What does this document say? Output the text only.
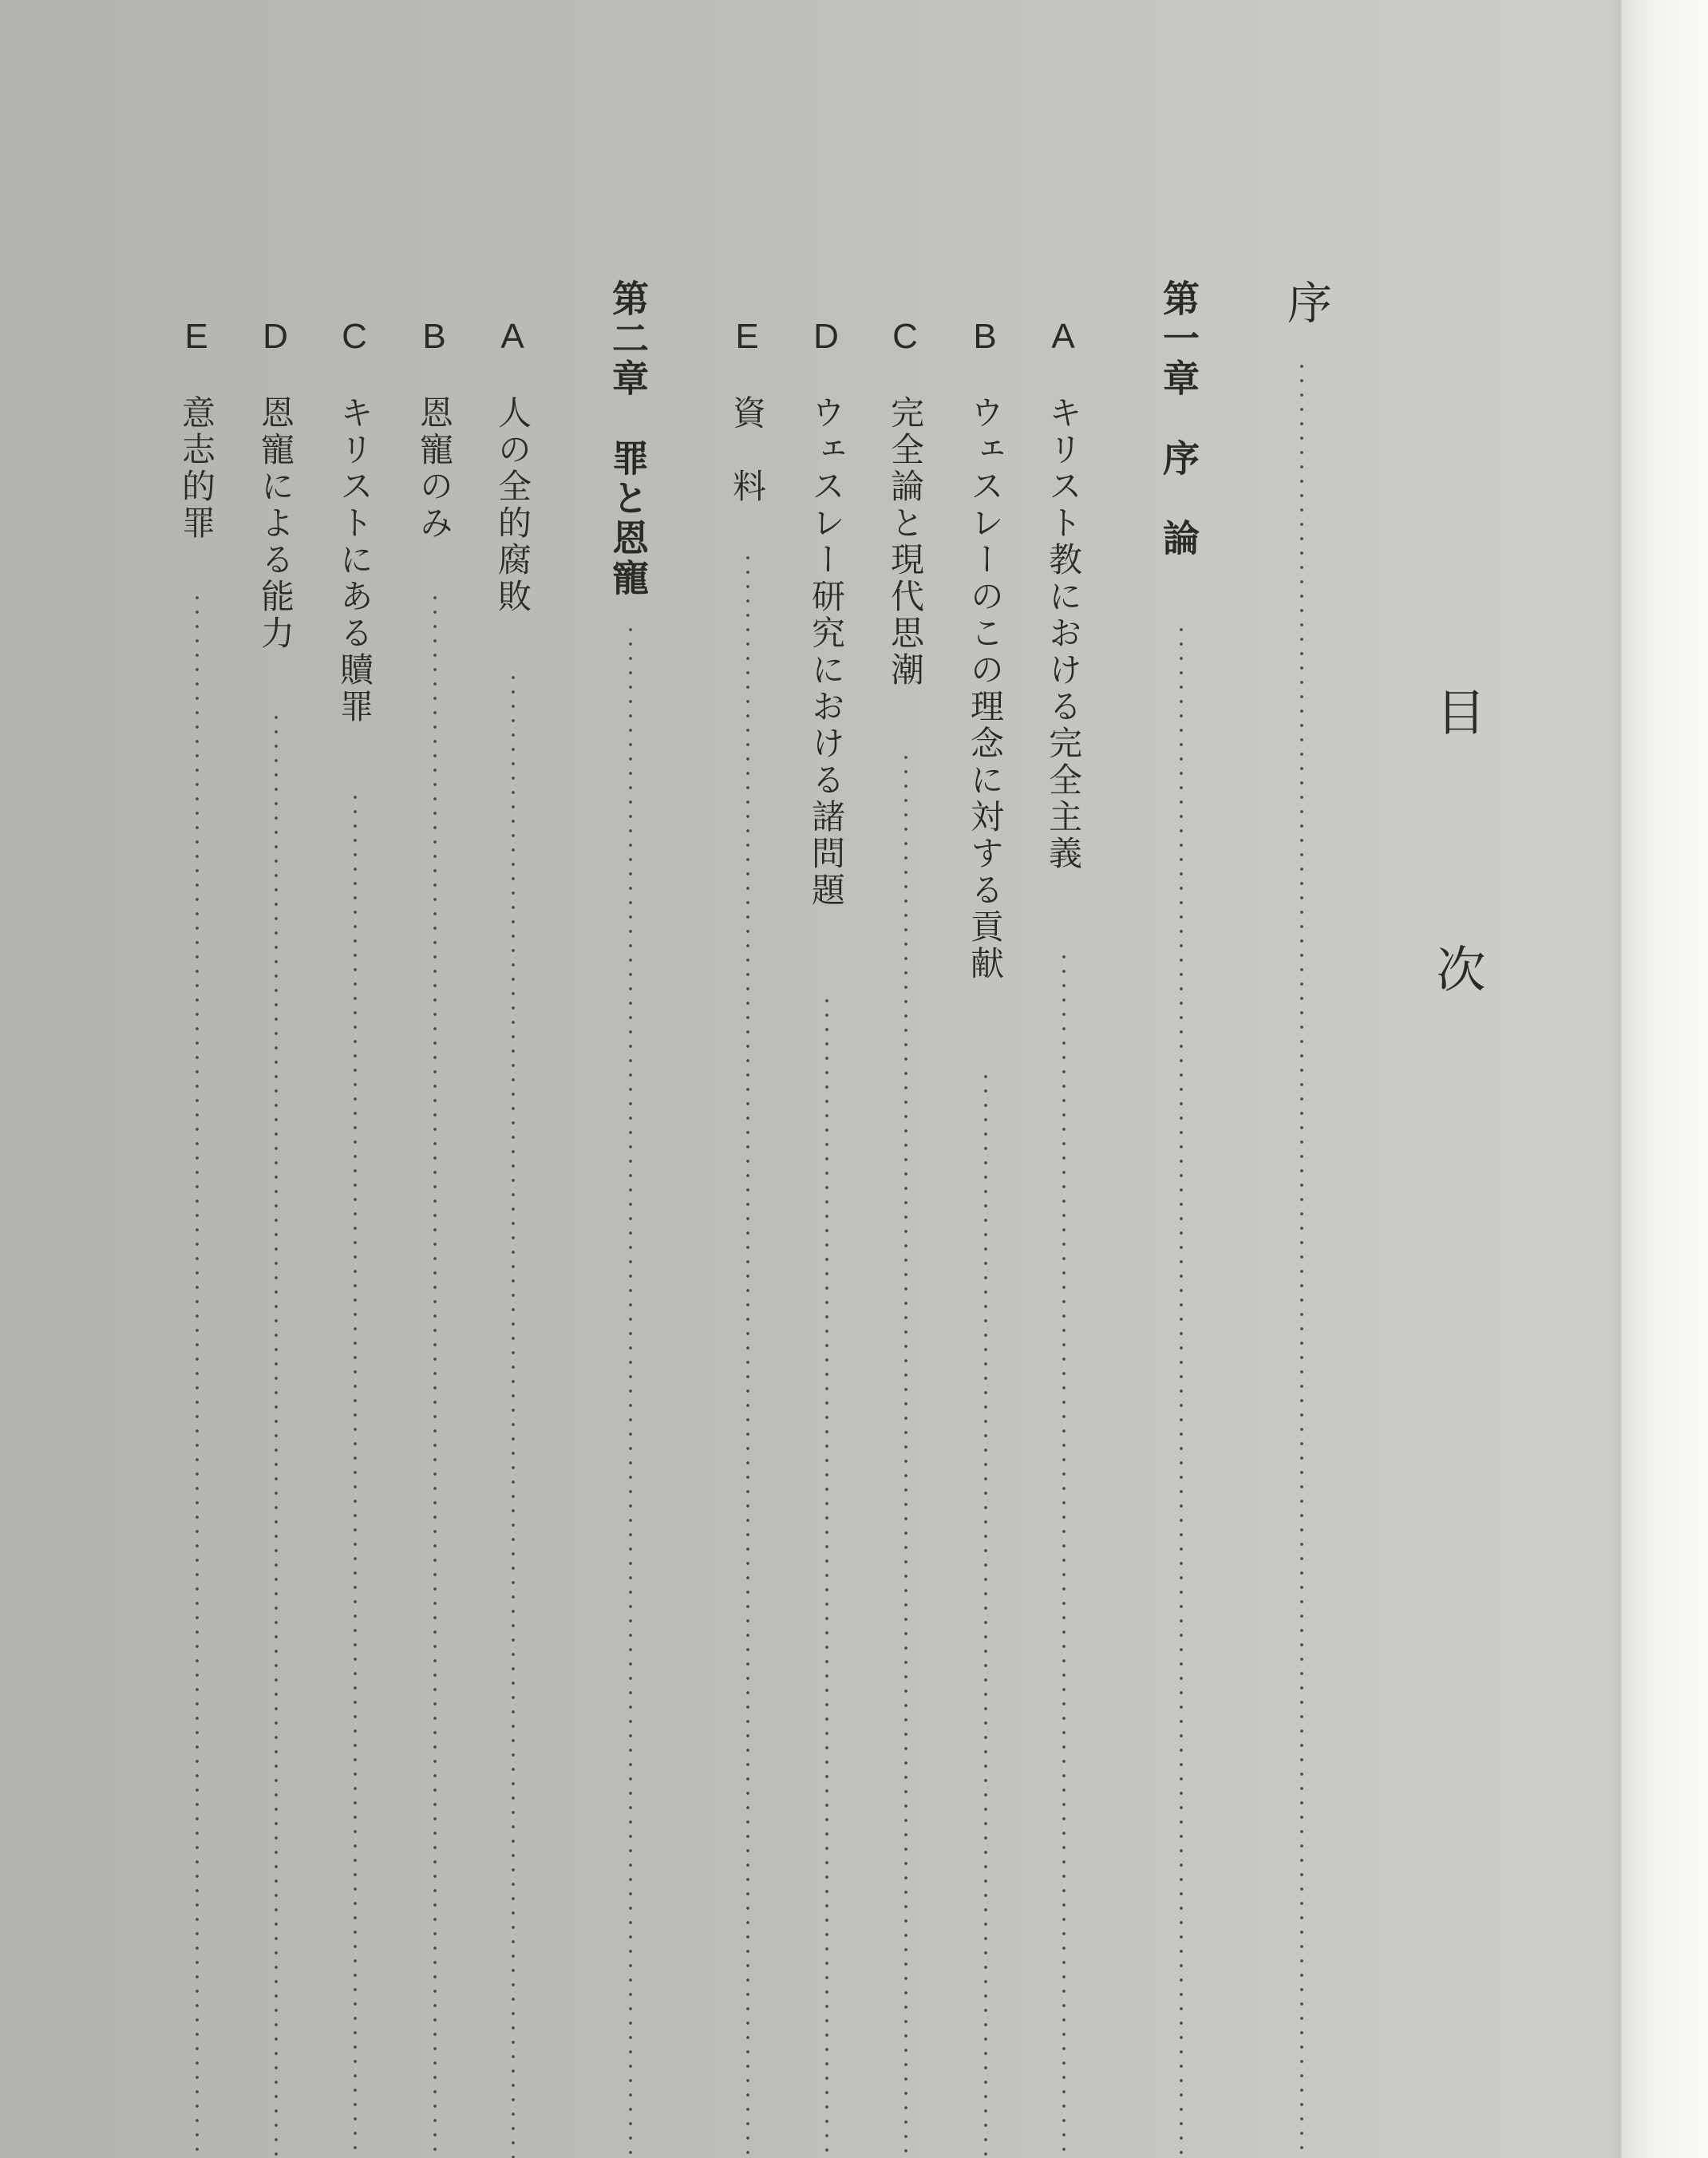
目次
序
第一章　序　論
A
キリスト教における完全主義
B
ウェスレーのこの理念に対する貢献
C
完全論と現代思潮
D
ウェスレー研究における諸問題
E
資　料
第二章　罪と恩寵
A
人の全的腐敗
B
恩寵のみ
C
キリストにある贖罪
D
恩寵による能力
E
意志的罪
